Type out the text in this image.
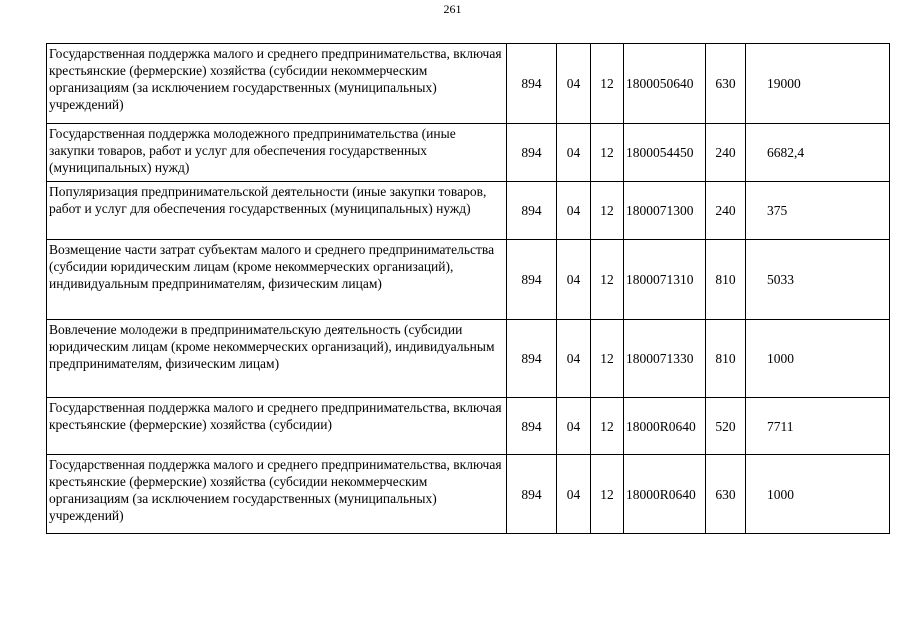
261
Государственная поддержка малого и среднего предпринимательства, включая крестьянские (фермерские) хозяйства (субсидии некоммерческим организациям (за исключением государственных (муниципальных) учреждений)	894	04	12	1800050640	630	19000
Государственная поддержка молодежного предпринимательства (иные закупки товаров, работ и услуг для обеспечения государственных (муниципальных) нужд)	894	04	12	1800054450	240	6682,4
Популяризация предпринимательской деятельности (иные закупки товаров, работ и услуг для обеспечения государственных (муниципальных) нужд)	894	04	12	1800071300	240	375
Возмещение части затрат субъектам малого и среднего предпринимательства (субсидии юридическим лицам (кроме некоммерческих организаций), индивидуальным предпринимателям, физическим лицам)	894	04	12	1800071310	810	5033
Вовлечение молодежи в предпринимательскую деятельность (субсидии юридическим лицам (кроме некоммерческих организаций), индивидуальным предпринимателям, физическим лицам)	894	04	12	1800071330	810	1000
Государственная поддержка малого и среднего предпринимательства, включая крестьянские (фермерские) хозяйства (субсидии)	894	04	12	18000R0640	520	7711
Государственная поддержка малого и среднего предпринимательства, включая крестьянские (фермерские) хозяйства (субсидии некоммерческим организациям (за исключением государственных (муниципальных) учреждений)	894	04	12	18000R0640	630	1000
